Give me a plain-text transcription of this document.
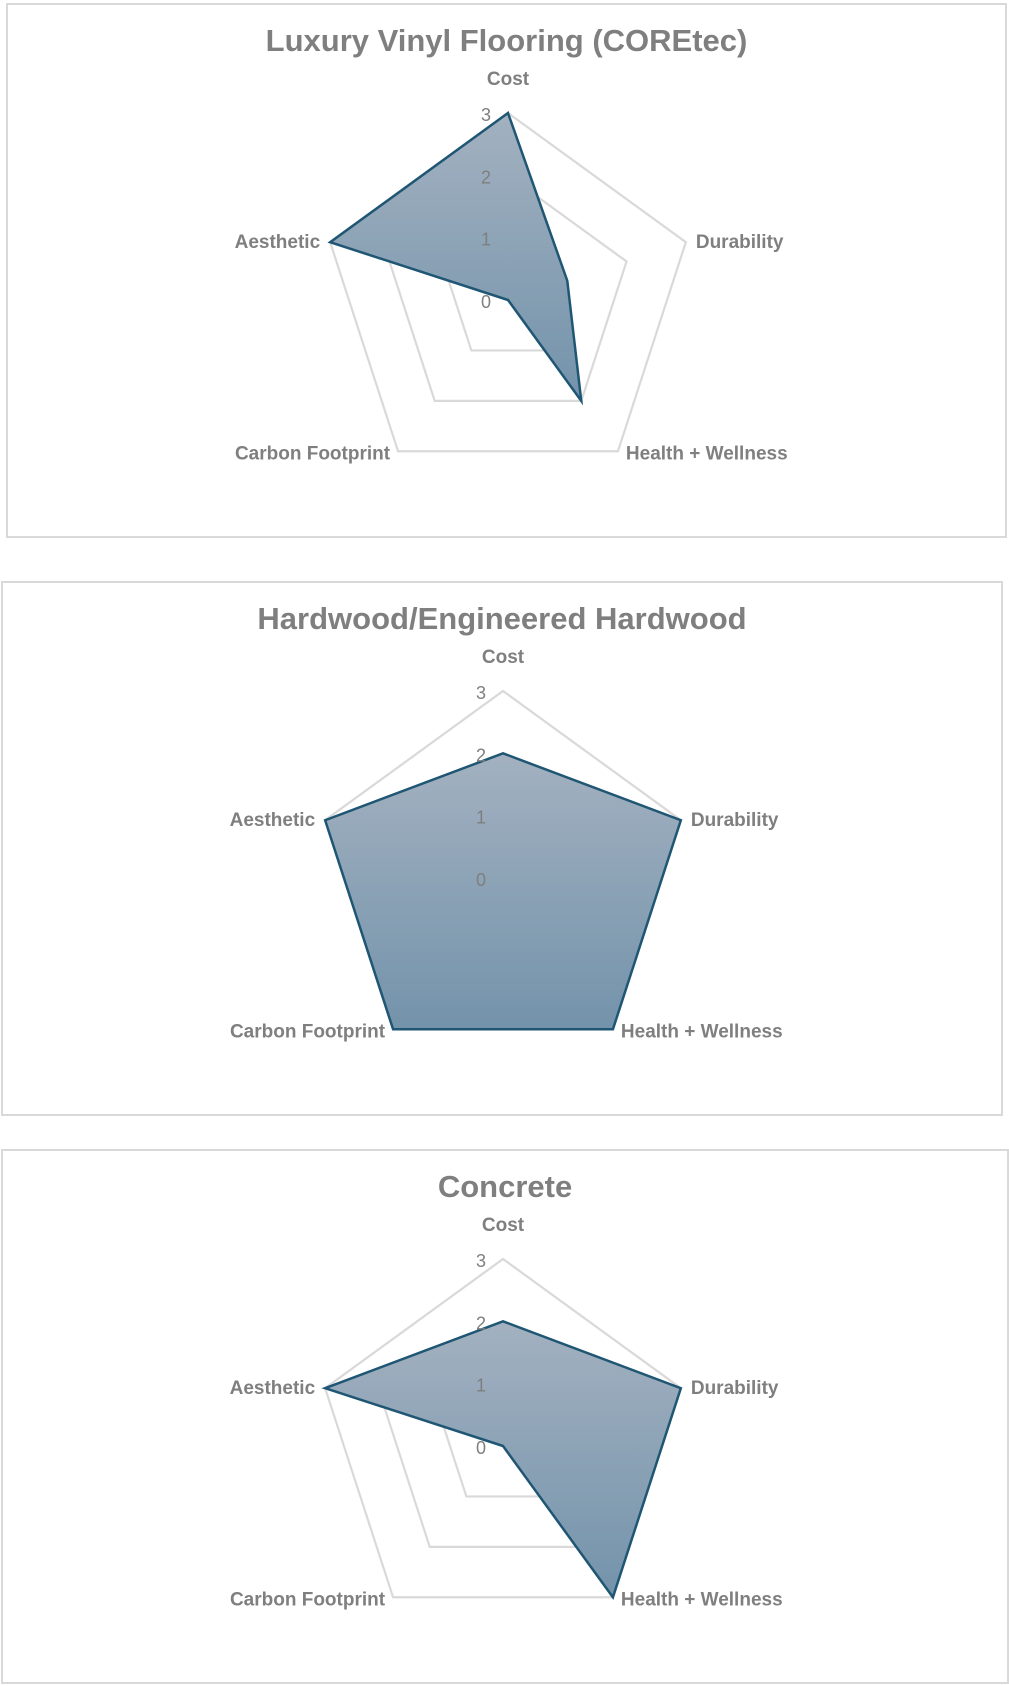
Luxury Vinyl Flooring (COREtec)
0
1
2
3
Cost
Durability
Health + Wellness
Carbon Footprint
Aesthetic
Hardwood/Engineered Hardwood
0
1
2
3
Cost
Durability
Health + Wellness
Carbon Footprint
Aesthetic
Concrete
0
1
2
3
Cost
Durability
Health + Wellness
Carbon Footprint
Aesthetic
